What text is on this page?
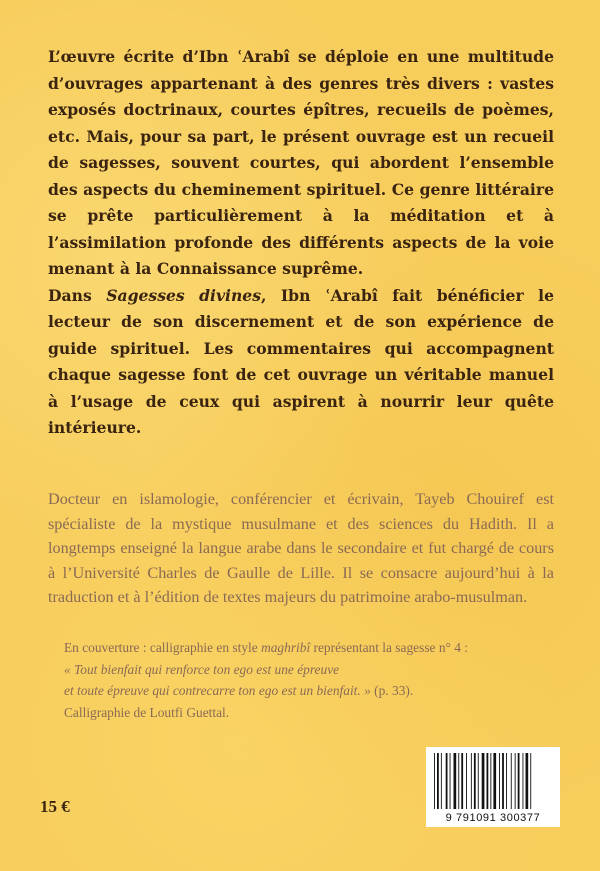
L’œuvre écrite d’Ibn ʿArabî se déploie en une multitude d’ouvrages appartenant à des genres très divers : vastes exposés doctrinaux, courtes épîtres, recueils de poèmes, etc. Mais, pour sa part, le présent ouvrage est un recueil de sagesses, souvent courtes, qui abordent l’ensemble des aspects du cheminement spirituel. Ce genre littéraire se prête particulièrement à la méditation et à l’assimilation profonde des différents aspects de la voie menant à la Connaissance suprême.

Dans Sagesses divines, Ibn ʿArabî fait bénéficier le lecteur de son discernement et de son expérience de guide spirituel. Les commentaires qui accompagnent chaque sagesse font de cet ouvrage un véritable manuel à l’usage de ceux qui aspirent à nourrir leur quête intérieure.

Docteur en islamologie, conférencier et écrivain, Tayeb Chouiref est spécialiste de la mystique musulmane et des sciences du Hadith. Il a longtemps enseigné la langue arabe dans le secondaire et fut chargé de cours à l’Université Charles de Gaulle de Lille. Il se consacre aujourd’hui à la traduction et à l’édition de textes majeurs du patrimoine arabo-musulman.

En couverture : calligraphie en style maghribî représentant la sagesse n° 4 :
« Tout bienfait qui renforce ton ego est une épreuve
et toute épreuve qui contrecarre ton ego est un bienfait. » (p. 33).
Calligraphie de Loutfi Guettal.
15 €
9 791091 300377
